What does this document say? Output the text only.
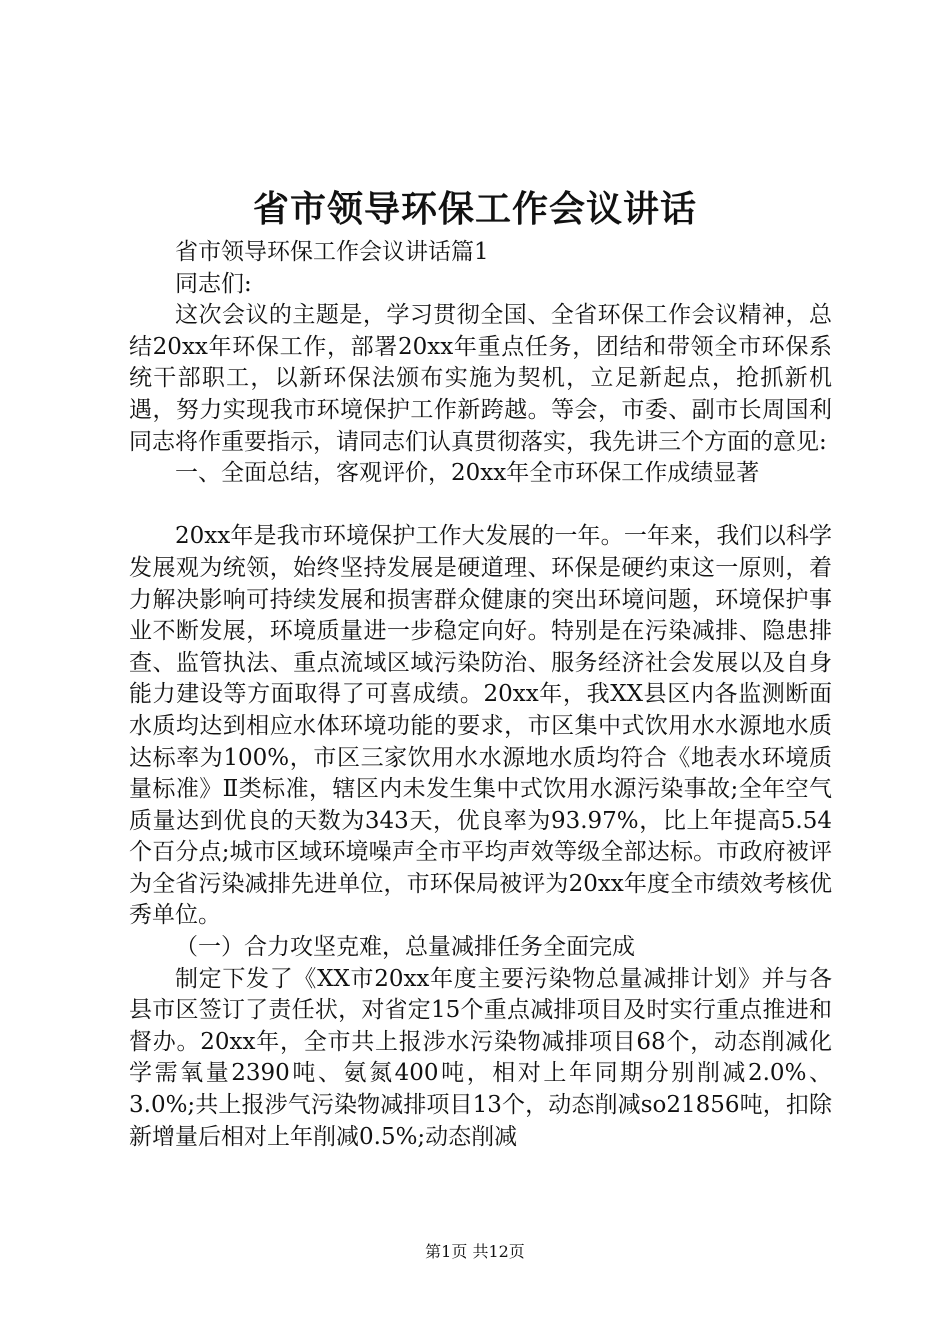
省市领导环保工作会议讲话

省市领导环保工作会议讲话篇1

同志们:

这次会议的主题是，学习贯彻全国、全省环保工作会议精神，总结20xx年环保工作，部署20xx年重点任务，团结和带领全市环保系统干部职工，以新环保法颁布实施为契机，立足新起点，抢抓新机遇，努力实现我市环境保护工作新跨越。等会，市委、副市长周国利同志将作重要指示，请同志们认真贯彻落实，我先讲三个方面的意见:

一、全面总结，客观评价，20xx年全市环保工作成绩显著

20xx年是我市环境保护工作大发展的一年。一年来，我们以科学发展观为统领，始终坚持发展是硬道理、环保是硬约束这一原则，着力解决影响可持续发展和损害群众健康的突出环境问题，环境保护事业不断发展，环境质量进一步稳定向好。特别是在污染减排、隐患排查、监管执法、重点流域区域污染防治、服务经济社会发展以及自身能力建设等方面取得了可喜成绩。20xx年，我XX县区内各监测断面水质均达到相应水体环境功能的要求，市区集中式饮用水水源地水质达标率为100%，市区三家饮用水水源地水质均符合《地表水环境质量标准》Ⅱ类标准，辖区内未发生集中式饮用水源污染事故;全年空气质量达到优良的天数为343天，优良率为93.97%，比上年提高5.54个百分点;城市区域环境噪声全市平均声效等级全部达标。市政府被评为全省污染减排先进单位，市环保局被评为20xx年度全市绩效考核优秀单位。

（一）合力攻坚克难，总量减排任务全面完成

制定下发了《XX市20xx年度主要污染物总量减排计划》并与各县市区签订了责任状，对省定15个重点减排项目及时实行重点推进和督办。20xx年，全市共上报涉水污染物减排项目68个，动态削减化学需氧量2390吨、氨氮400吨，相对上年同期分别削减2.0%、3.0%;共上报涉气污染物减排项目13个，动态削减so21856吨，扣除新增量后相对上年削减0.5%;动态削减

第1页 共12页
